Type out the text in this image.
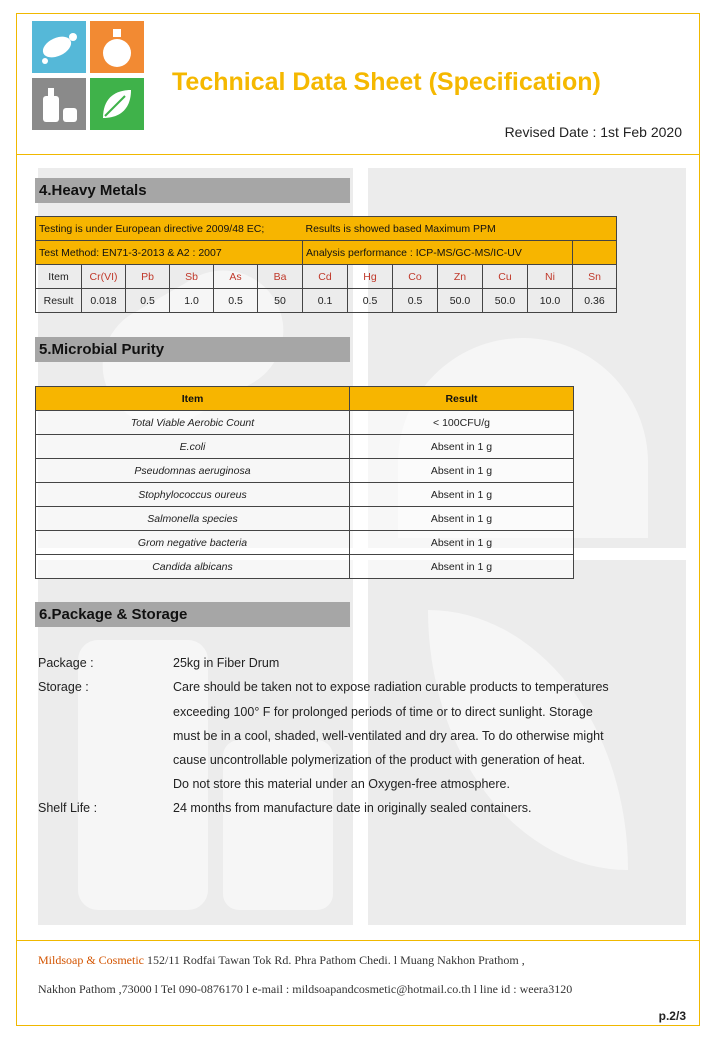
Technical Data Sheet (Specification)
Revised Date : 1st Feb 2020
4.Heavy Metals
Testing is under European directive 2009/48 EC;						Results is showed based Maximum PPM						
Test Method: EN71-3-2013 & A2 : 2007						Analysis performance : ICP-MS/GC-MS/IC-UV						
Item	Cr(VI)	Pb	Sb	As	Ba	Cd	Hg	Co	Zn	Cu	Ni	Sn
Result	0.018	0.5	1.0	0.5	50	0.1	0.5	0.5	50.0	50.0	10.0	0.36
5.Microbial Purity
Item	Result
Total Viable Aerobic Count	< 100CFU/g
E.coli	Absent in 1 g
Pseudomnas aeruginosa	Absent in 1 g
Stophylococcus oureus	Absent in 1 g
Salmonella species	Absent in 1 g
Grom negative bacteria	Absent in 1 g
Candida albicans	Absent in 1 g
6.Package & Storage
Package :	25kg in Fiber Drum
Storage :	Care should be taken not to expose radiation curable products to temperatures
exceeding 100° F for prolonged periods of time or to direct sunlight. Storage
must be in a cool, shaded, well-ventilated and dry area. To do otherwise might
cause uncontrollable polymerization of the product with generation of heat.
Do not store this material under an Oxygen-free atmosphere.
Shelf Life :	24 months from manufacture date in originally sealed containers.
Mildsoap & Cosmetic 152/11 Rodfai Tawan Tok Rd. Phra Pathom Chedi. l Muang Nakhon Prathom ,
Nakhon Pathom ,73000 l Tel 090-0876170 l e-mail : mildsoapandcosmetic@hotmail.co.th l line id : weera3120
p.2/3
